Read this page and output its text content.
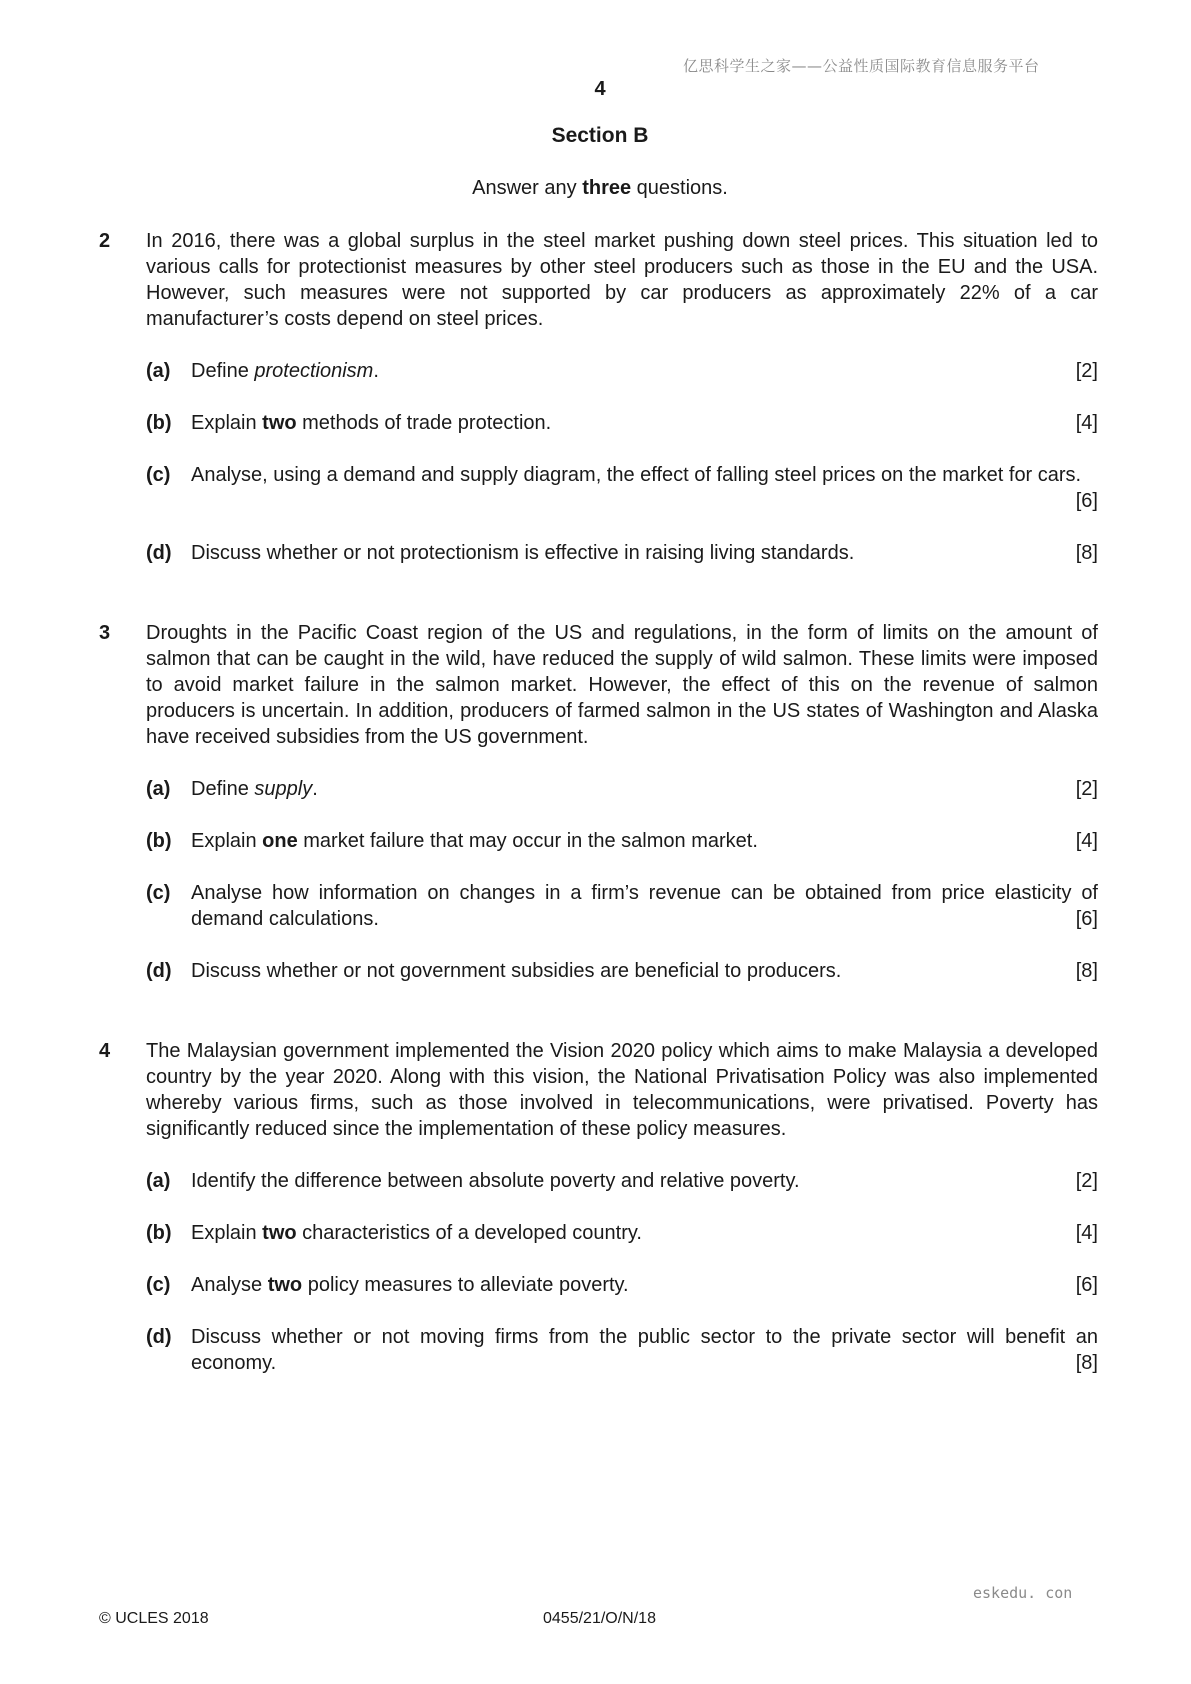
亿思科学生之家——公益性质国际教育信息服务平台
4
Section B
Answer any three questions.
2 In 2016, there was a global surplus in the steel market pushing down steel prices. This situation led to various calls for protectionist measures by other steel producers such as those in the EU and the USA. However, such measures were not supported by car producers as approximately 22% of a car manufacturer’s costs depend on steel prices.
(a) Define protectionism.	[2]
(b) Explain two methods of trade protection.	[4]
(c) Analyse, using a demand and supply diagram, the effect of falling steel prices on the market for cars.
[6]
(d) Discuss whether or not protectionism is effective in raising living standards.	[8]
3 Droughts in the Pacific Coast region of the US and regulations, in the form of limits on the amount of salmon that can be caught in the wild, have reduced the supply of wild salmon. These limits were imposed to avoid market failure in the salmon market. However, the effect of this on the revenue of salmon producers is uncertain. In addition, producers of farmed salmon in the US states of Washington and Alaska have received subsidies from the US government.
(a) Define supply.	[2]
(b) Explain one market failure that may occur in the salmon market.	[4]
(c) Analyse how information on changes in a firm’s revenue can be obtained from price elasticity of demand calculations.	[6]
(d) Discuss whether or not government subsidies are beneficial to producers.	[8]
4 The Malaysian government implemented the Vision 2020 policy which aims to make Malaysia a developed country by the year 2020. Along with this vision, the National Privatisation Policy was also implemented whereby various firms, such as those involved in telecommunications, were privatised. Poverty has significantly reduced since the implementation of these policy measures.
(a) Identify the difference between absolute poverty and relative poverty.	[2]
(b) Explain two characteristics of a developed country.	[4]
(c) Analyse two policy measures to alleviate poverty.	[6]
(d) Discuss whether or not moving firms from the public sector to the private sector will benefit an economy.	[8]
eskedu. con
© UCLES 2018	0455/21/O/N/18
